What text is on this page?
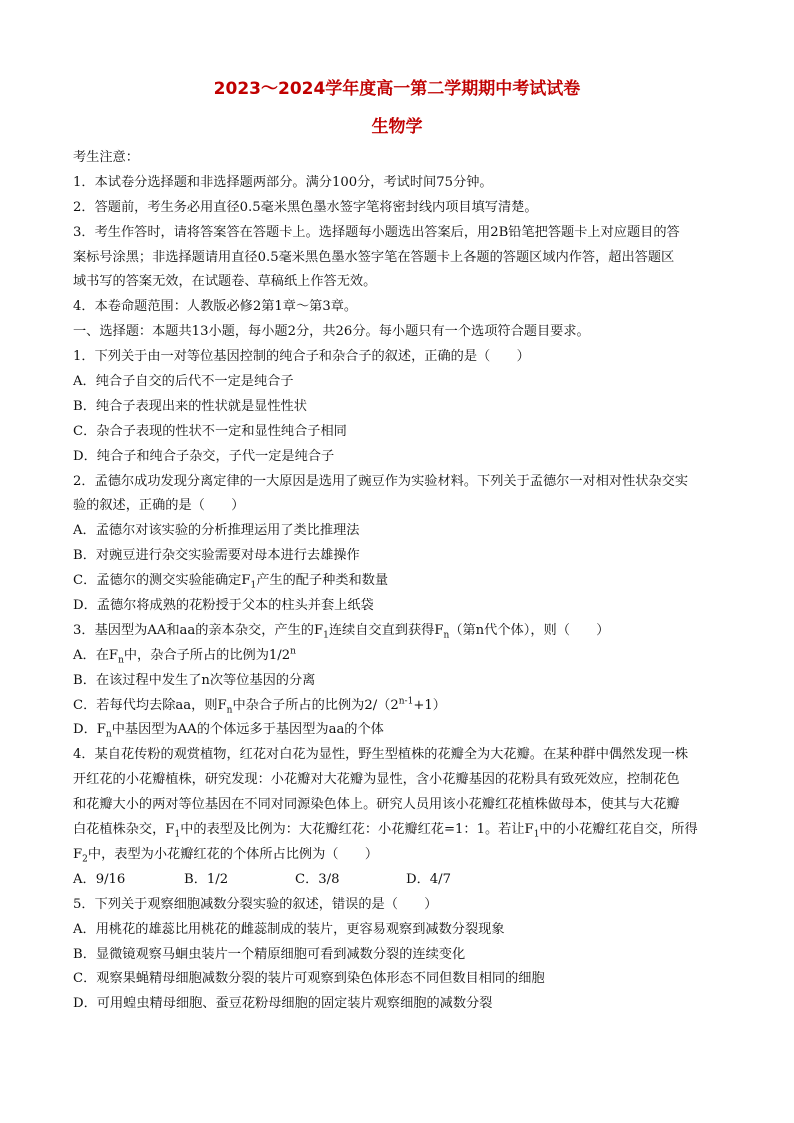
2023～2024学年度高一第二学期期中考试试卷
生物学
考生注意：
1．本试卷分选择题和非选择题两部分。满分100分，考试时间75分钟。
2．答题前，考生务必用直径0.5毫米黑色墨水签字笔将密封线内项目填写清楚。
3．考生作答时，请将答案答在答题卡上。选择题每小题选出答案后，用2B铅笔把答题卡上对应题目的答
案标号涂黑；非选择题请用直径0.5毫米黑色墨水签字笔在答题卡上各题的答题区域内作答，超出答题区
域书写的答案无效，在试题卷、草稿纸上作答无效。
4．本卷命题范围：人教版必修2第1章～第3章。
一、选择题：本题共13小题，每小题2分，共26分。每小题只有一个选项符合题目要求。
1．下列关于由一对等位基因控制的纯合子和杂合子的叙述，正确的是（　　）
A．纯合子自交的后代不一定是纯合子
B．纯合子表现出来的性状就是显性性状
C．杂合子表现的性状不一定和显性纯合子相同
D．纯合子和纯合子杂交，子代一定是纯合子
2．孟德尔成功发现分离定律的一大原因是选用了豌豆作为实验材料。下列关于孟德尔一对相对性状杂交实
验的叙述，正确的是（　　）
A．孟德尔对该实验的分析推理运用了类比推理法
B．对豌豆进行杂交实验需要对母本进行去雄操作
C．孟德尔的测交实验能确定$F_1$产生的配子种类和数量
D．孟德尔将成熟的花粉授于父本的柱头并套上纸袋
3．基因型为AA和aa的亲本杂交，产生的$F_1$连续自交直到获得$F_n$（第n代个体），则（　　）
A．在$F_n$中，杂合子所占的比例为1/2$^n$
B．在该过程中发生了n次等位基因的分离
C．若每代均去除aa，则$F_n$中杂合子所占的比例为$2/(2^{n-1}+1)$
D．$F_n$中基因型为AA的个体远多于基因型为aa的个体
4．某自花传粉的观赏植物，红花对白花为显性，野生型植株的花瓣全为大花瓣。在某种群中偶然发现一株
开红花的小花瓣植株，研究发现：小花瓣对大花瓣为显性，含小花瓣基因的花粉具有致死效应，控制花色
和花瓣大小的两对等位基因在不同对同源染色体上。研究人员用该小花瓣红花植株做母本，使其与大花瓣
白花植株杂交，$F_1$中的表型及比例为：大花瓣红花：小花瓣红花=1：1。若让$F_1$中的小花瓣红花自交，所得
$F_2$中，表型为小花瓣红花的个体所占比例为（　　）
A．9/16	B．1/2	C．3/8	D．4/7
5．下列关于观察细胞减数分裂实验的叙述，错误的是（　　）
A．用桃花的雄蕊比用桃花的雌蕊制成的装片，更容易观察到减数分裂现象
B．显微镜观察马蛔虫装片一个精原细胞可看到减数分裂的连续变化
C．观察果蝇精母细胞减数分裂的装片可观察到染色体形态不同但数目相同的细胞
D．可用蝗虫精母细胞、蚕豆花粉母细胞的固定装片观察细胞的减数分裂
